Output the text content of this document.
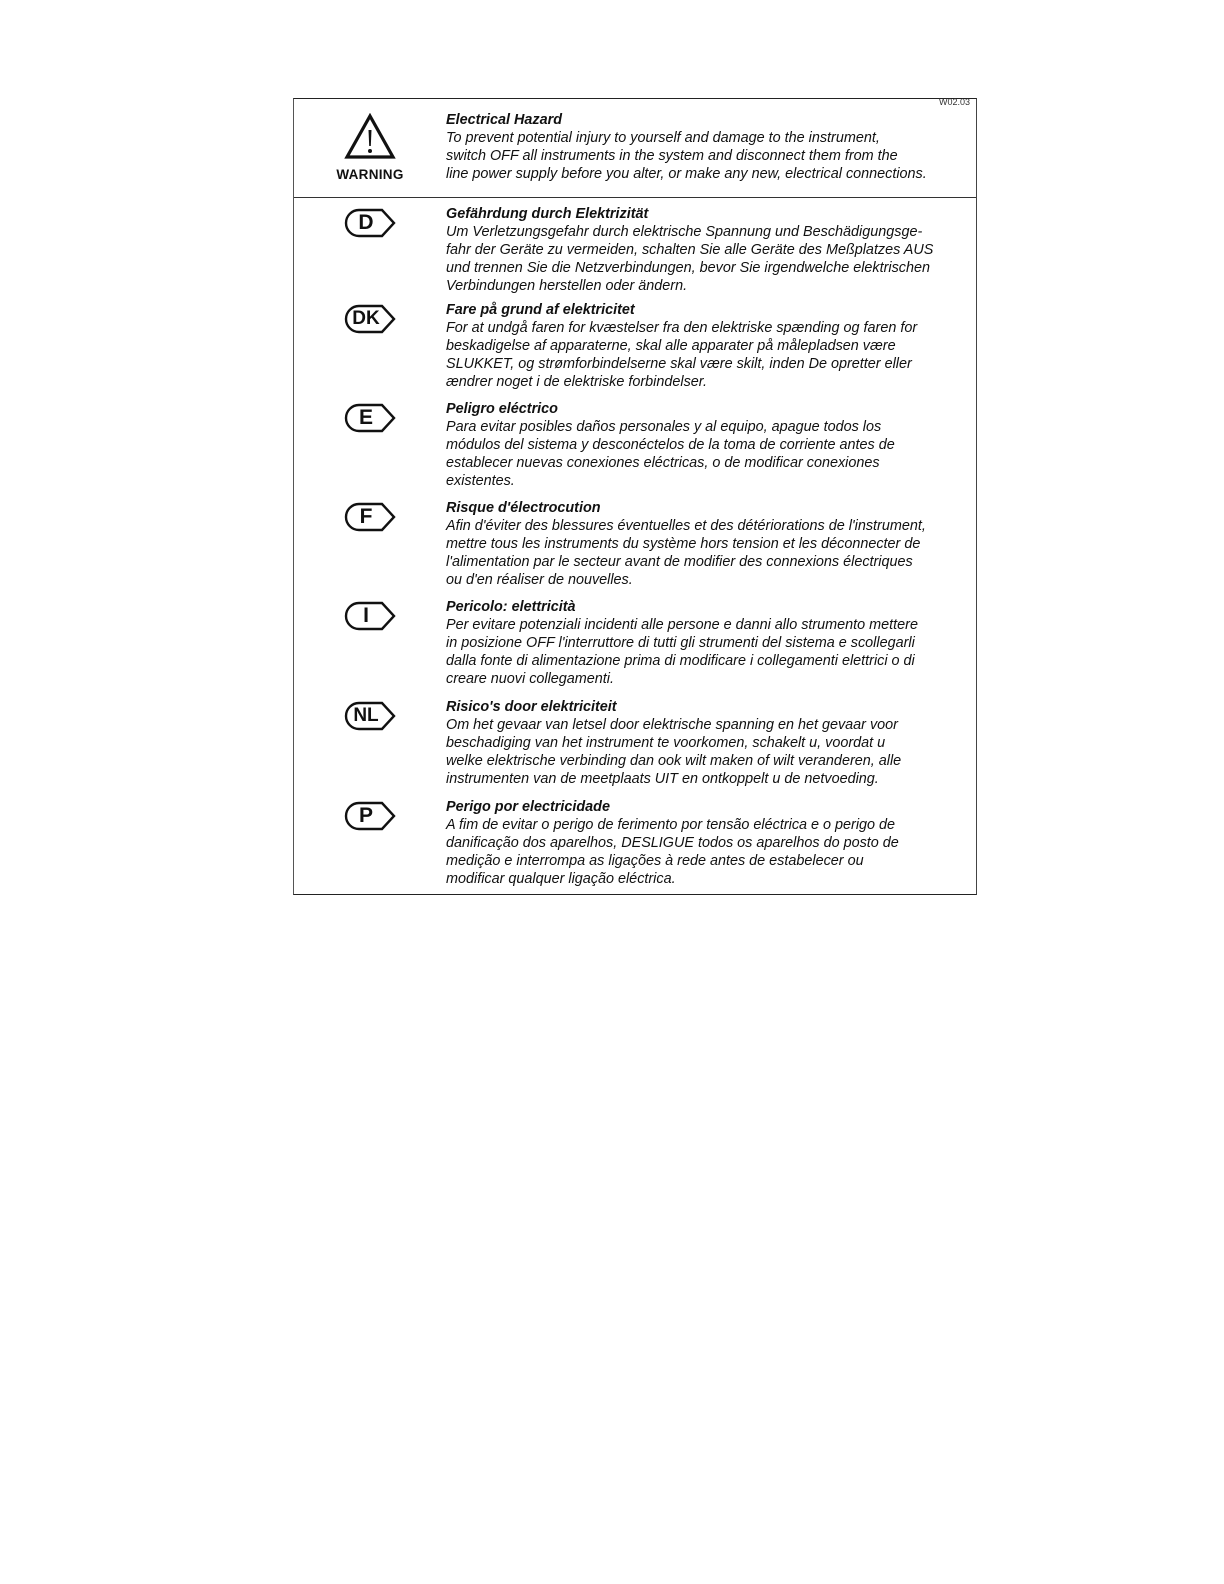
W02.03
WARNING
Electrical Hazard
To prevent potential injury to yourself and damage to the instrument,
switch OFF all instruments in the system and disconnect them from the
line power supply before you alter, or make any new, electrical connections.
D	Gefährdung durch Elektrizität
Um Verletzungsgefahr durch elektrische Spannung und Beschädigungsge-
fahr der Geräte zu vermeiden, schalten Sie alle Geräte des Meßplatzes AUS
und trennen Sie die Netzverbindungen, bevor Sie irgendwelche elektrischen
Verbindungen herstellen oder ändern.
DK	Fare på grund af elektricitet
For at undgå faren for kvæstelser fra den elektriske spænding og faren for
beskadigelse af apparaterne, skal alle apparater på målepladsen være
SLUKKET, og strømforbindelserne skal være skilt, inden De opretter eller
ændrer noget i de elektriske forbindelser.
E	Peligro eléctrico
Para evitar posibles daños personales y al equipo, apague todos los
módulos del sistema y desconéctelos de la toma de corriente antes de
establecer nuevas conexiones eléctricas, o de modificar conexiones
existentes.
F	Risque d'électrocution
Afin d'éviter des blessures éventuelles et des détériorations de l'instrument,
mettre tous les instruments du système hors tension et les déconnecter de
l'alimentation par le secteur avant de modifier des connexions électriques
ou d'en réaliser de nouvelles.
I	Pericolo: elettricità
Per evitare potenziali incidenti alle persone e danni allo strumento mettere
in posizione OFF l'interruttore di tutti gli strumenti del sistema e scollegarli
dalla fonte di alimentazione prima di modificare i collegamenti elettrici o di
creare nuovi collegamenti.
NL	Risico's door elektriciteit
Om het gevaar van letsel door elektrische spanning en het gevaar voor
beschadiging van het instrument te voorkomen, schakelt u, voordat u
welke elektrische verbinding dan ook wilt maken of wilt veranderen, alle
instrumenten van de meetplaats UIT en ontkoppelt u de netvoeding.
P	Perigo por electricidade
A fim de evitar o perigo de ferimento por tensão eléctrica e o perigo de
danificação dos aparelhos, DESLIGUE todos os aparelhos do posto de
medição e interrompa as ligações à rede antes de estabelecer ou
modificar qualquer ligação eléctrica.
